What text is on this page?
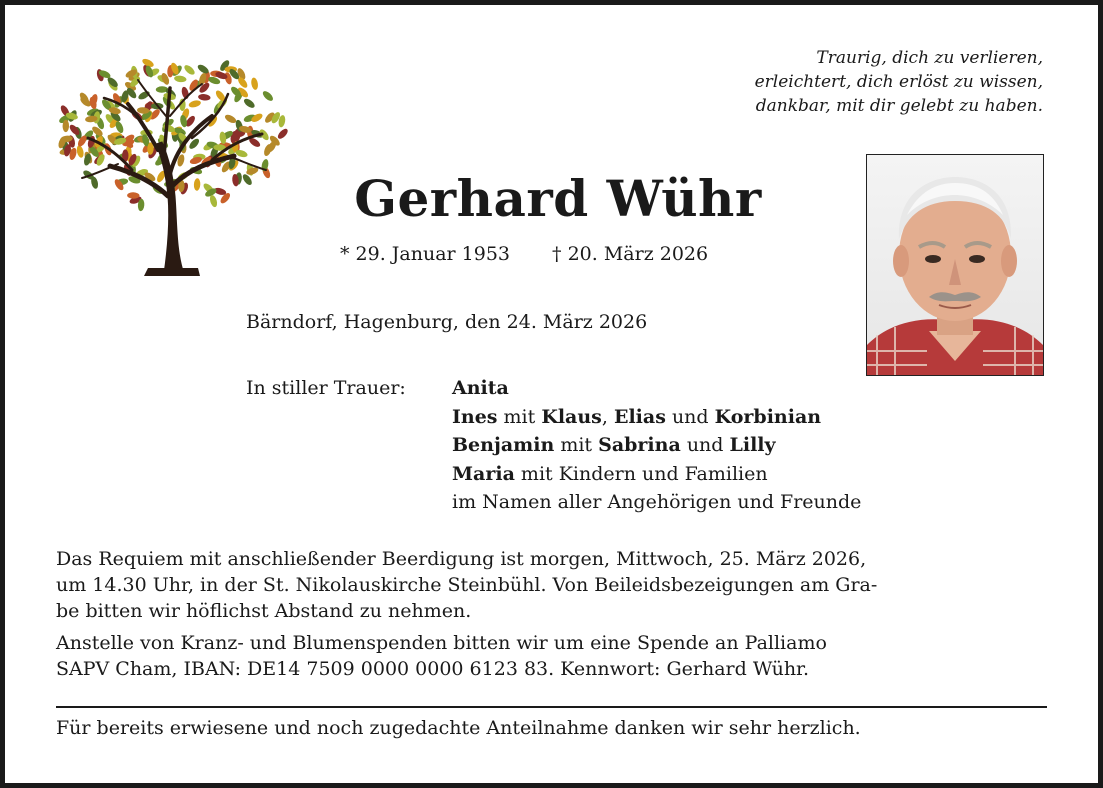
Traurig, dich zu verlieren,
erleichtert, dich erlöst zu wissen,
dankbar, mit dir gelebt zu haben.
Gerhard Wühr
* 29. Januar 1953 † 20. März 2026
Bärndorf, Hagenburg, den 24. März 2026
In stiller Trauer: Anita
Ines mit Klaus, Elias und Korbinian
Benjamin mit Sabrina und Lilly
Maria mit Kindern und Familien
im Namen aller Angehörigen und Freunde

Das Requiem mit anschließender Beerdigung ist morgen, Mittwoch, 25. März 2026,
um 14.30 Uhr, in der St. Nikolauskirche Steinbühl. Von Beileidsbezeigungen am Gra-
be bitten wir höflichst Abstand zu nehmen.

Anstelle von Kranz- und Blumenspenden bitten wir um eine Spende an Palliamo
SAPV Cham, IBAN: DE14 7509 0000 0000 6123 83. Kennwort: Gerhard Wühr.

Für bereits erwiesene und noch zugedachte Anteilnahme danken wir sehr herzlich.
